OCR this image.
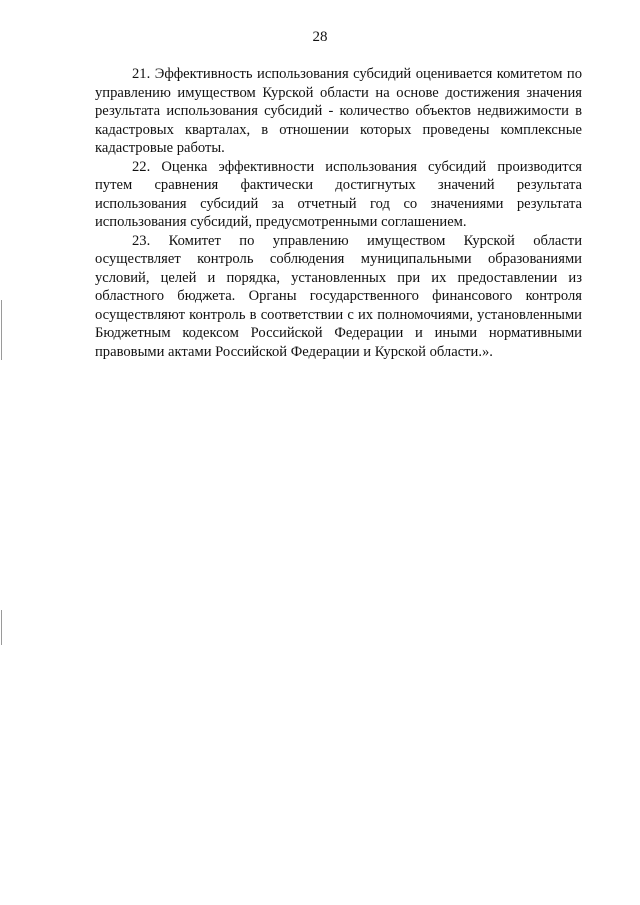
28

21. Эффективность использования субсидий оценивается комитетом по управлению имуществом Курской области на основе достижения значения результата использования субсидий - количество объектов недвижимости в кадастровых кварталах, в отношении которых проведены комплексные кадастровые работы.

22. Оценка эффективности использования субсидий производится путем сравнения фактически достигнутых значений результата использования субсидий за отчетный год со значениями результата использования субсидий, предусмотренными соглашением.

23. Комитет по управлению имуществом Курской области осуществляет контроль соблюдения муниципальными образованиями условий, целей и порядка, установленных при их предоставлении из областного бюджета. Органы государственного финансового контроля осуществляют контроль в соответствии с их полномочиями, установленными Бюджетным кодексом Российской Федерации и иными нормативными правовыми актами Российской Федерации и Курской области.».
